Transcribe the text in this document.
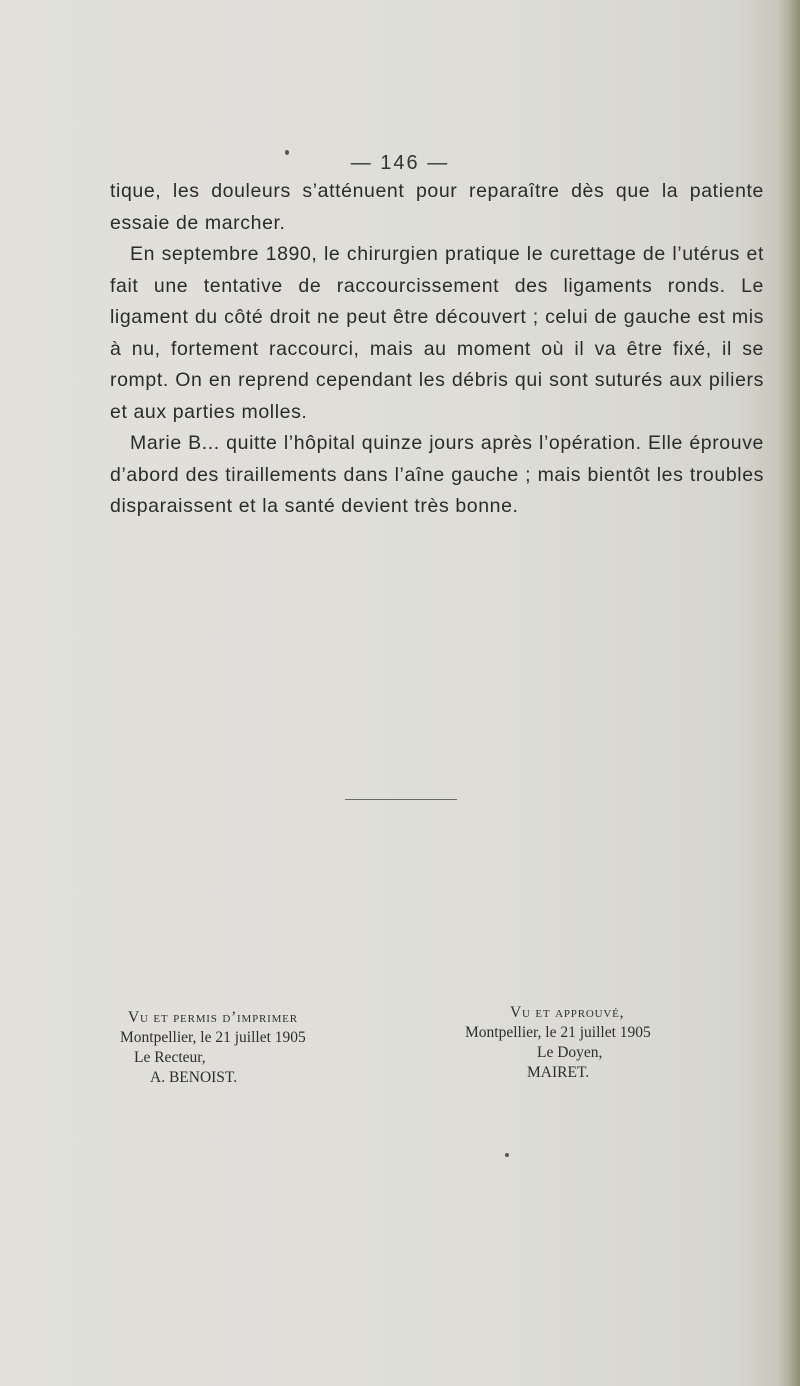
— 146 —

tique, les douleurs s’atténuent pour reparaître dès que la patiente essaie de marcher.

En septembre 1890, le chirurgien pratique le curettage de l’utérus et fait une tentative de raccourcissement des ligaments ronds. Le ligament du côté droit ne peut être découvert ; celui de gauche est mis à nu, fortement raccourci, mais au moment où il va être fixé, il se rompt. On en reprend cependant les débris qui sont suturés aux piliers et aux parties molles.

Marie B... quitte l’hôpital quinze jours après l’opération. Elle éprouve d’abord des tiraillements dans l’aîne gauche ; mais bientôt les troubles disparaissent et la santé devient très bonne.

Vu et permis d’imprimer
Montpellier, le 21 juillet 1905
Le Recteur,
A. BENOIST.
Vu et approuvé,
Montpellier, le 21 juillet 1905
Le Doyen,
MAIRET.
